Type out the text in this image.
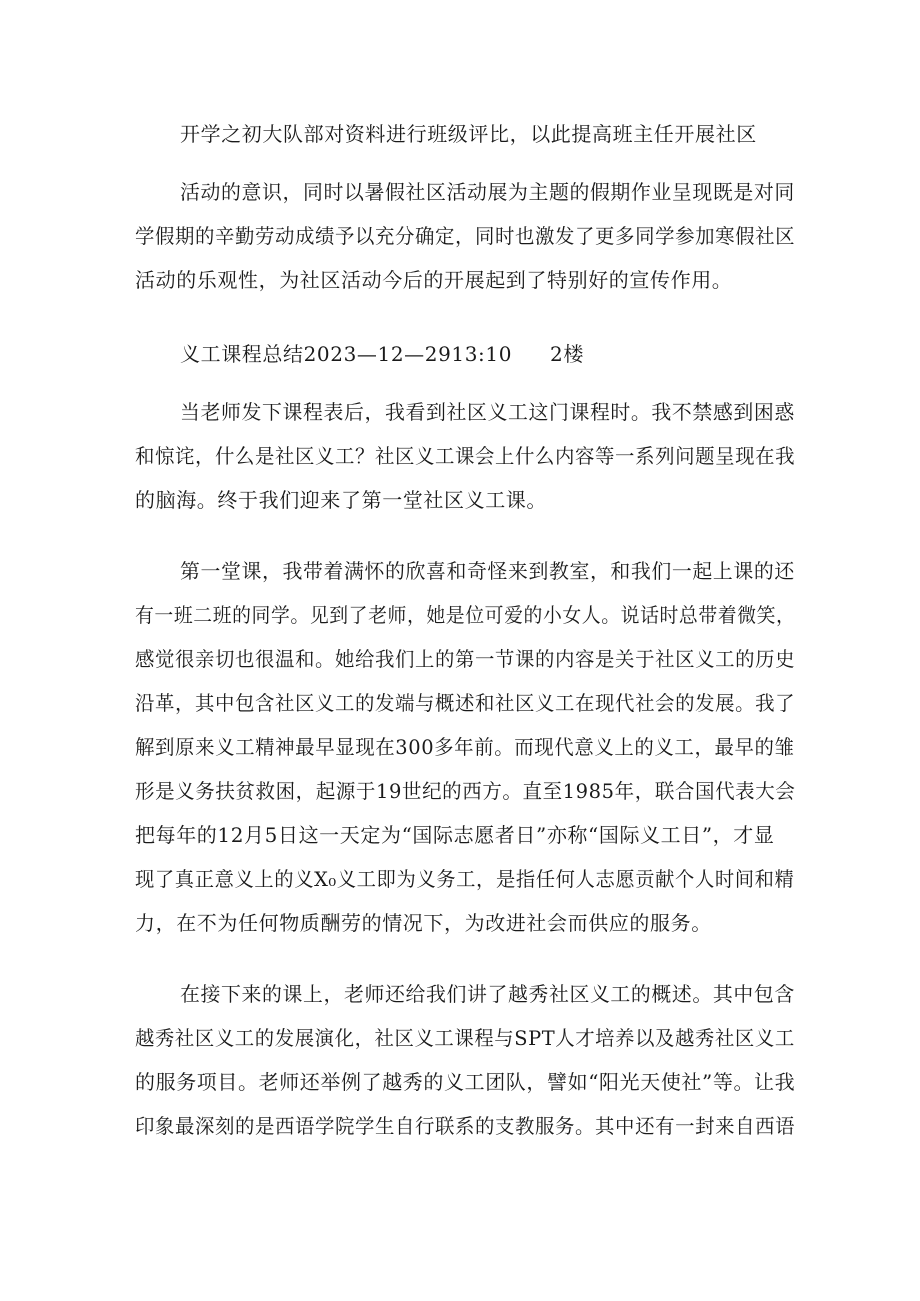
开学之初大队部对资料进行班级评比，以此提高班主任开展社区
活动的意识，同时以暑假社区活动展为主题的假期作业呈现既是对同
学假期的辛勤劳动成绩予以充分确定，同时也激发了更多同学参加寒假社区
活动的乐观性，为社区活动今后的开展起到了特别好的宣传作用。
义工课程总结2023—12—2913:10 2楼
当老师发下课程表后，我看到社区义工这门课程时。我不禁感到困惑
和惊诧，什么是社区义工？社区义工课会上什么内容等一系列问题呈现在我
的脑海。终于我们迎来了第一堂社区义工课。
第一堂课，我带着满怀的欣喜和奇怪来到教室，和我们一起上课的还
有一班二班的同学。见到了老师，她是位可爱的小女人。说话时总带着微笑，
感觉很亲切也很温和。她给我们上的第一节课的内容是关于社区义工的历史
沿革，其中包含社区义工的发端与概述和社区义工在现代社会的发展。我了
解到原来义工精神最早显现在300多年前。而现代意义上的义工，最早的雏
形是义务扶贫救困，起源于19世纪的西方。直至1985年，联合国代表大会
把每年的12月5日这一天定为“国际志愿者日”亦称“国际义工日”，才显
现了真正意义上的义X₀义工即为义务工，是指任何人志愿贡献个人时间和精
力，在不为任何物质酬劳的情况下，为改进社会而供应的服务。
在接下来的课上，老师还给我们讲了越秀社区义工的概述。其中包含
越秀社区义工的发展演化，社区义工课程与SPT人才培养以及越秀社区义工
的服务项目。老师还举例了越秀的义工团队，譬如“阳光天使社”等。让我
印象最深刻的是西语学院学生自行联系的支教服务。其中还有一封来自西语
